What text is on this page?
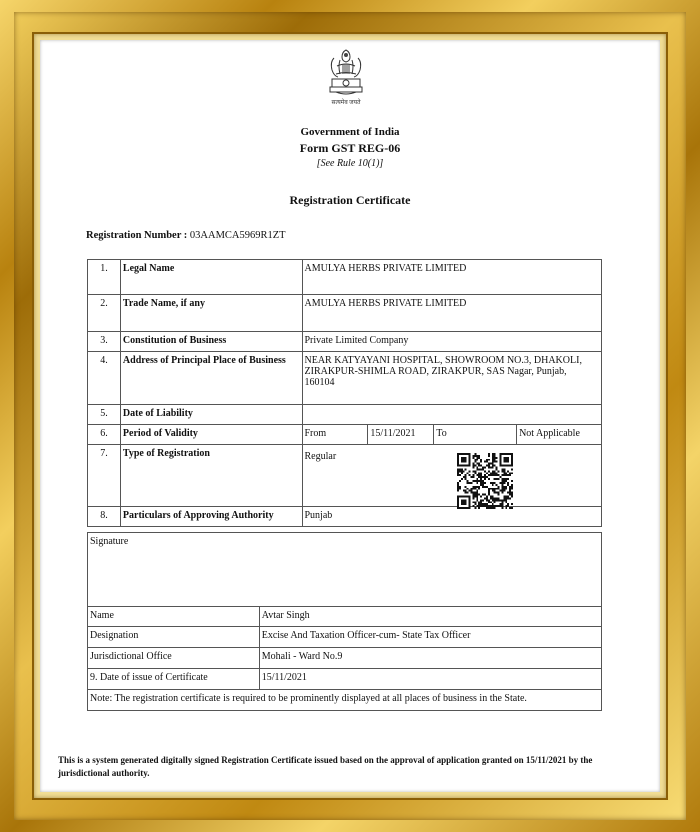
सत्यमेव जयते
Government of India
Form GST REG-06
[See Rule 10(1)]
Registration Certificate
Registration Number : 03AAMCA5969R1ZT
1.	Legal Name	AMULYA HERBS PRIVATE LIMITED			
2.	Trade Name, if any	AMULYA HERBS PRIVATE LIMITED			
3.	Constitution of Business	Private Limited Company			
4.	Address of Principal Place of Business	NEAR KATYAYANI HOSPITAL, SHOWROOM NO.3, DHAKOLI, ZIRAKPUR-SHIMLA ROAD, ZIRAKPUR, SAS Nagar, Punjab, 160104			
5.	Date of Liability				
6.	Period of Validity	From	15/11/2021	To	Not Applicable
7.	Type of Registration	Regular			
8.	Particulars of Approving Authority	Punjab			
Signature	
Name	Avtar Singh
Designation	Excise And Taxation Officer-cum- State Tax Officer
Jurisdictional Office	Mohali - Ward No.9
9. Date of issue of Certificate	15/11/2021
Note: The registration certificate is required to be prominently displayed at all places of business in the State.	
This is a system generated digitally signed Registration Certificate issued based on the approval of application granted on 15/11/2021 by the jurisdictional authority.
